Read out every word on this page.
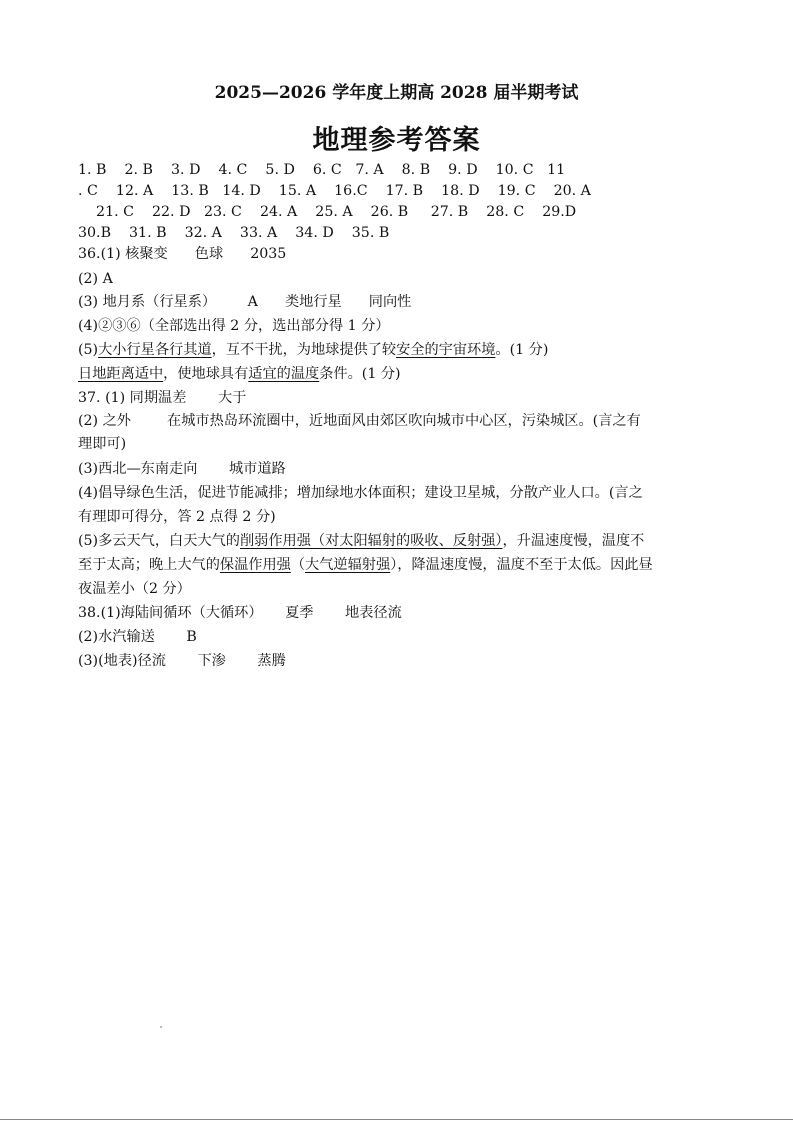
2025—2026 学年度上期高 2028 届半期考试
地理参考答案
1. B    2. B    3. D    4. C    5. D    6. C   7. A    8. B    9. D    10. C   11
. C    12. A    13. B   14. D    15. A    16.C    17. B    18. D    19. C    20. A
21. C    22. D   23. C    24. A    25. A    26. B     27. B    28. C    29.D
30.B    31. B    32. A    33. A    34. D    35. B
36.(1) 核聚变      色球      2035
(2) A
(3) 地月系（行星系）       A      类地行星      同向性
(4)②③⑥（全部选出得 2 分，选出部分得 1 分）
(5)大小行星各行其道，互不干扰，为地球提供了较安全的宇宙环境。(1 分)
日地距离适中，使地球具有适宜的温度条件。(1 分)
37. (1) 同期温差       大于
(2) 之外        在城市热岛环流圈中，近地面风由郊区吹向城市中心区，污染城区。(言之有
理即可)
(3)西北—东南走向       城市道路
(4)倡导绿色生活，促进节能减排；增加绿地水体面积；建设卫星城，分散产业人口。(言之
有理即可得分，答 2 点得 2 分)
(5)多云天气，白天大气的削弱作用强（对太阳辐射的吸收、反射强），升温速度慢，温度不
至于太高；晚上大气的保温作用强（大气逆辐射强），降温速度慢，温度不至于太低。因此昼
夜温差小（2 分）
38.(1)海陆间循环（大循环）     夏季       地表径流
(2)水汽输送       B
(3)(地表)径流       下渗       蒸腾
